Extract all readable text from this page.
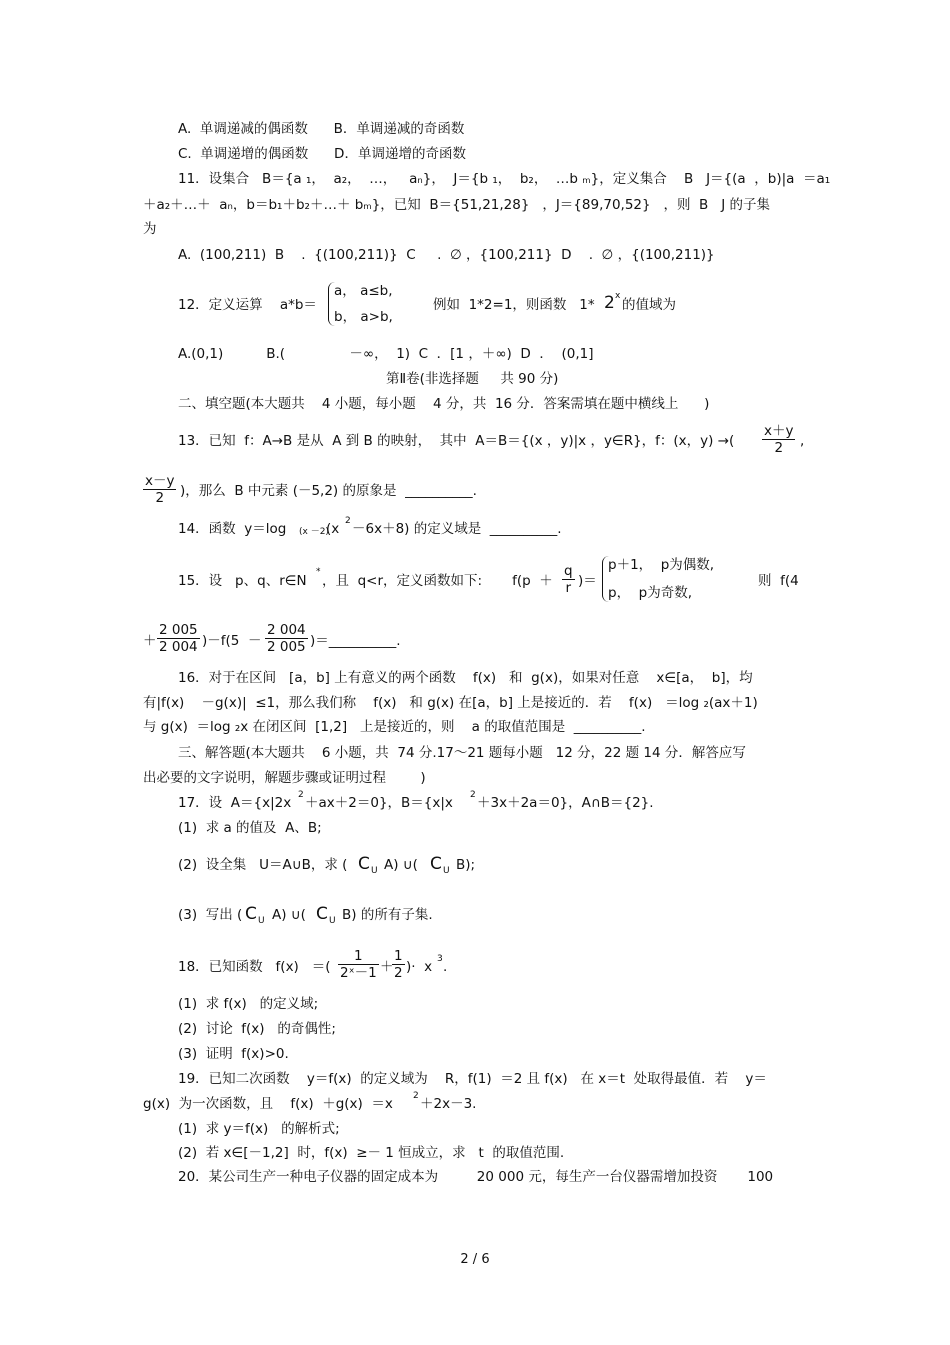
A.  单调递减的偶函数      B．单调递减的奇函数
C.  单调递增的偶函数      D．单调递增的奇函数
11．设集合   B＝{a ₁，  a₂，  …，   aₙ}，  J＝{b ₁，  b₂，  …b ₘ}，定义集合    B   J＝{(a  ，b)|a  ＝a₁
＋a₂＋…＋  aₙ，b＝b₁＋b₂＋…＋ bₘ}，已知  B＝{51,21,28}   ，J＝{89,70,52}   ，则  B   J 的子集
为
A.  (100,211)  B    .  {(100,211)}  C     .  ∅ ，{100,211}  D    .  ∅ ，{(100,211)}
12．定义运算    a*b＝
a， a≤b,
b， a>b,
例如  1*2=1，则函数   1* 2 x
的值域为
A.(0,1)          B.(               －∞，  1)  C  ．[1 ，＋∞)  D  ．  (0,1]
第Ⅱ卷(非选择题     共 90 分)
二、填空题(本大题共    4 小题，每小题    4 分，共  16 分．答案需填在题中横线上      )
13．已知  f：A→B 是从  A 到 B 的映射，  其中  A＝B＝{(x ，y)|x ，y∈R}，f：(x，y) →( $\frac{x+y}{2}$ ,
$\frac{x-y}{2}$ )，那么  B 中元素 (－5,2) 的原象是  __________.
14．函数  y＝log (x －2)
(x 2 －6x＋8) 的定义域是  __________.
15．设   p、q、r∈N
*
，且  q<r，定义函数如下:       $f(p + \frac{q}{r}$ )＝
p＋1，  p为偶数,
p，  p为奇数,
则  f(4
＋ $\frac{2 005}{2 004} )-f(5 - \frac{2 004}{2 005}$ )＝__________.
16．对于在区间   [a，b] 上有意义的两个函数    f(x)   和  g(x)，如果对任意    x∈[a，  b]，均
有|f(x)    －g(x)|  ≤1，那么我们称    f(x)   和 g(x) 在[a，b] 上是接近的．若    f(x)   ＝log ₂(ax＋1)
与 g(x)  ＝log ₂x 在闭区间  [1,2]   上是接近的，则    a 的取值范围是  __________.
三、解答题(本大题共    6 小题，共  74 分.17～21 题每小题   12 分，22 题 14 分．解答应写
出必要的文字说明，解题步骤或证明过程        )
17．设  A＝{x|2x 2 ＋ax＋2＝0}，B＝{x|x 2 ＋3x＋2a＝0}，A∩B＝{2}.
(1)  求 a 的值及  A、B;
(2)  设全集   U＝A∪B，求 ( C U A) ∪( C U B);
(3)  写出 ( C U A) ∪( C U B) 的所有子集.
18．已知函数   f(x)   ＝( $\frac{1}{\text{2ˣ－1}}$ ＋
$\frac{1}{2}$ )·  x 3 .
(1)  求 f(x)   的定义域;
(2)  讨论  f(x)   的奇偶性;
(3)  证明  f(x)>0.
19．已知二次函数    y＝f(x)  的定义域为    R，f(1)  ＝2 且 f(x)   在 x＝t  处取得最值．若    y＝
g(x)  为一次函数，且    f(x)  ＋g(x)  ＝x 2 ＋2x－3.
(1)  求 y＝f(x)   的解析式;
(2)  若 x∈[－1,2]  时，f(x)  ≥－ 1 恒成立，求   t  的取值范围.
20．某公司生产一种电子仪器的固定成本为         20 000 元，每生产一台仪器需增加投资       100
2 / 6
